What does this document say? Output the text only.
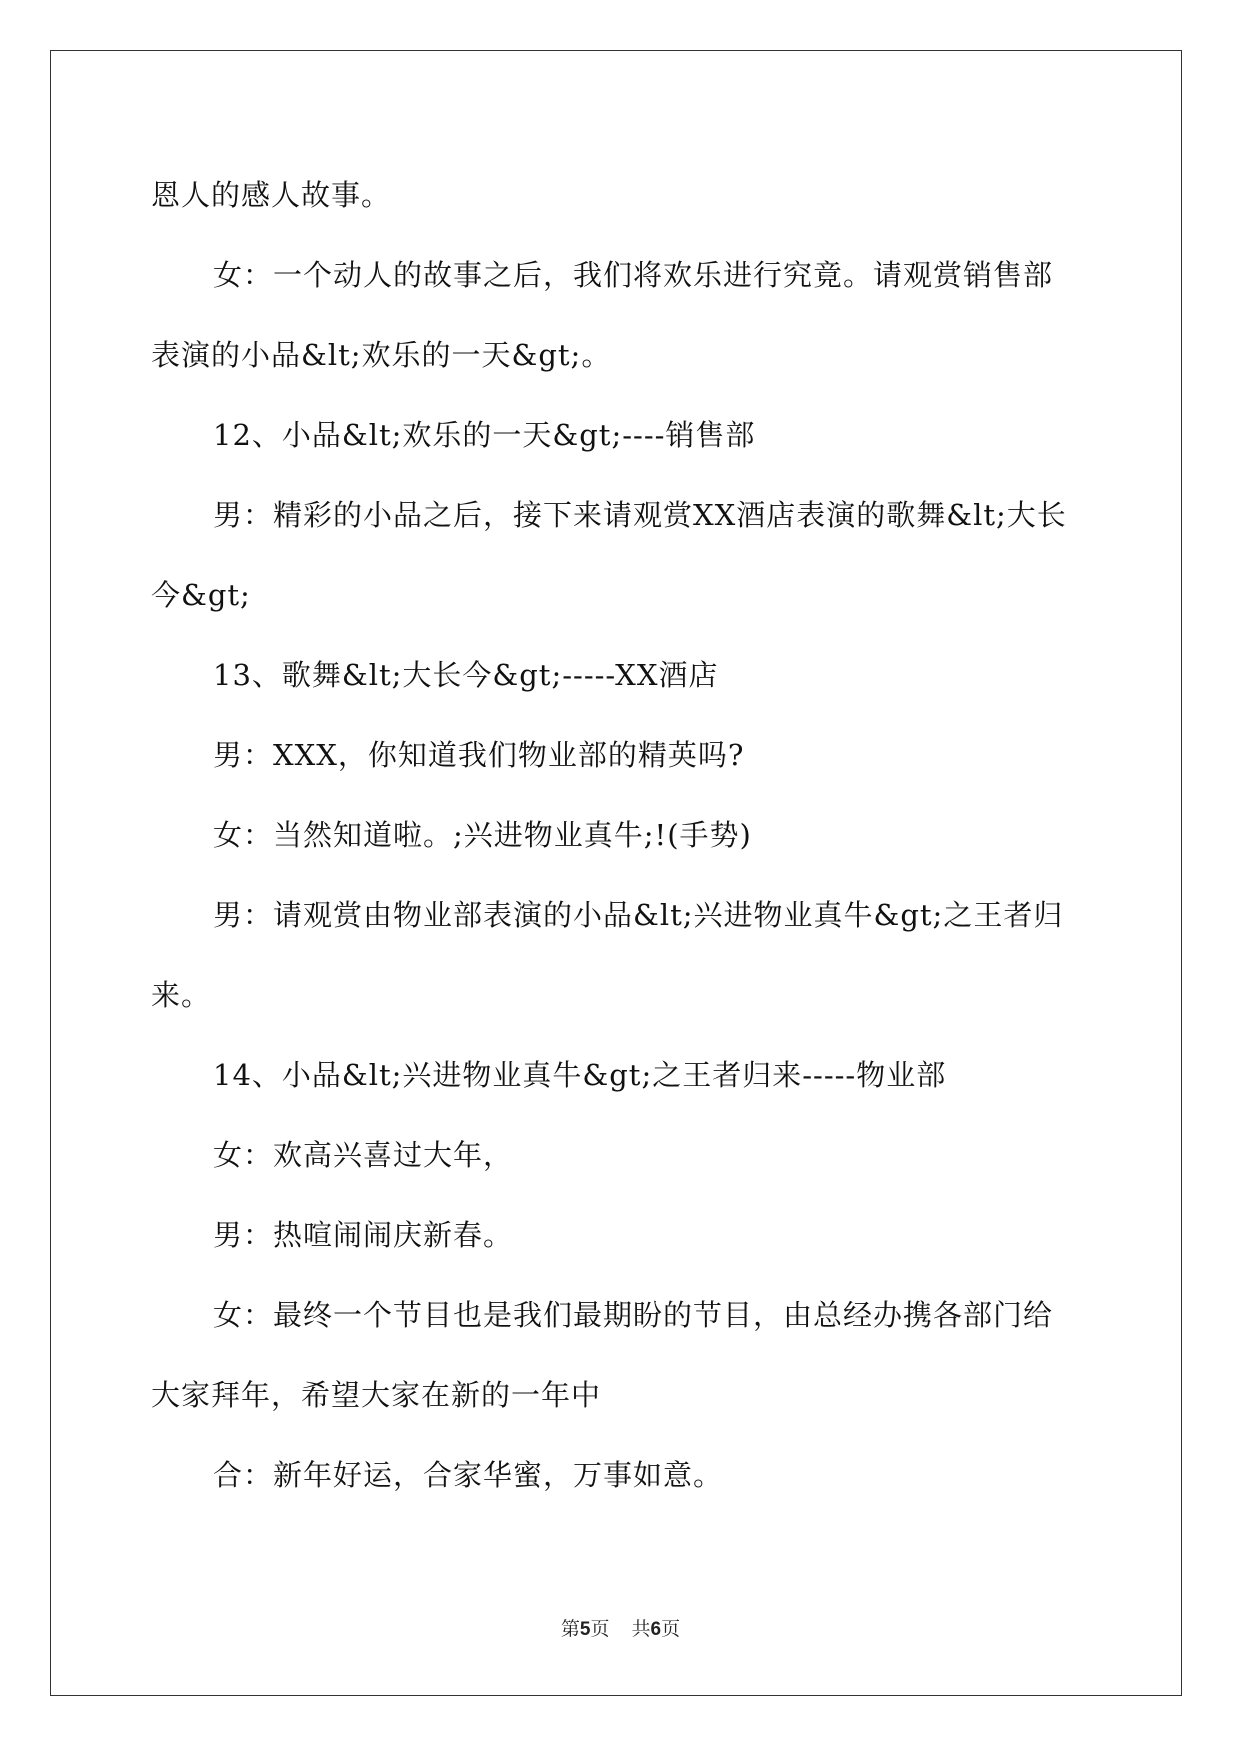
恩人的感人故事。

女：一个动人的故事之后，我们将欢乐进行究竟。请观赏销售部表演的小品&lt;欢乐的一天&gt;。

12、小品&lt;欢乐的一天&gt;----销售部

男：精彩的小品之后，接下来请观赏XX酒店表演的歌舞&lt;大长今&gt;

13、歌舞&lt;大长今&gt;-----XX酒店

男：XXX，你知道我们物业部的精英吗?

女：当然知道啦。;兴进物业真牛;!(手势)

男：请观赏由物业部表演的小品&lt;兴进物业真牛&gt;之王者归来。

14、小品&lt;兴进物业真牛&gt;之王者归来-----物业部

女：欢高兴喜过大年，

男：热喧闹闹庆新春。

女：最终一个节目也是我们最期盼的节目，由总经办携各部门给大家拜年，希望大家在新的一年中

合：新年好运，合家华蜜，万事如意。

第5页 共6页
